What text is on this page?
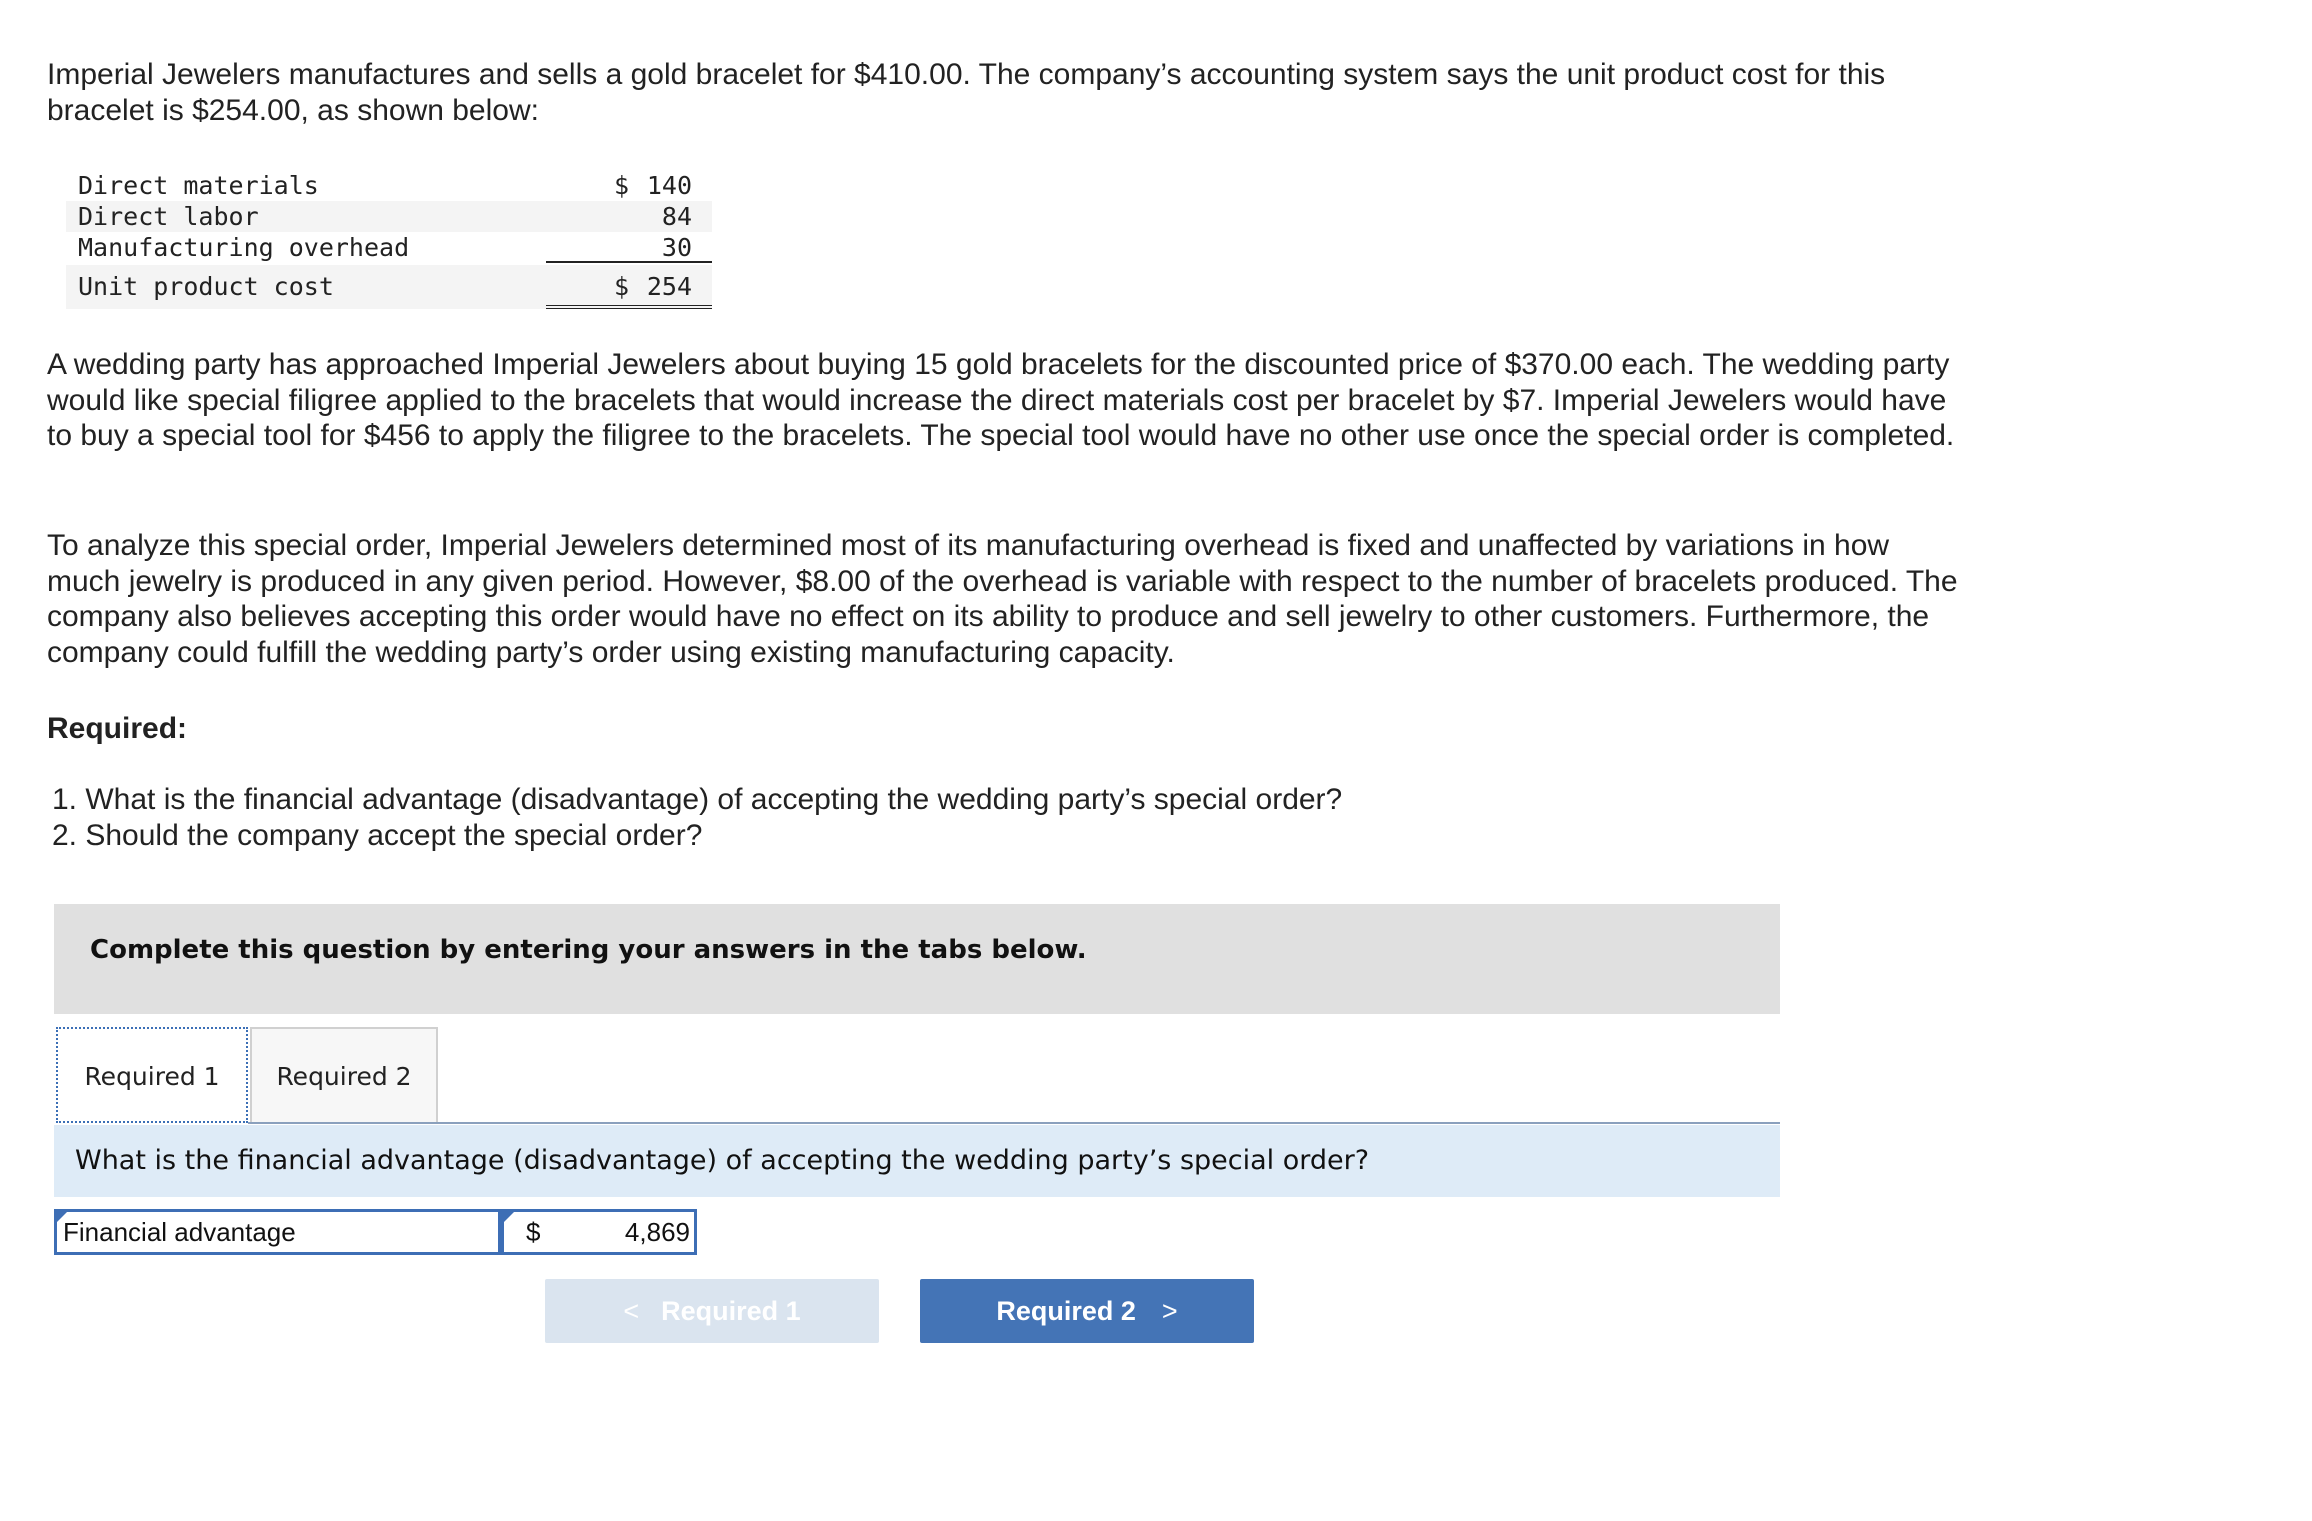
Imperial Jewelers manufactures and sells a gold bracelet for $410.00. The company’s accounting system says the unit product cost for this bracelet is $254.00, as shown below:

Direct materials	$ 140
Direct labor	84
Manufacturing overhead	30
Unit product cost	$ 254

A wedding party has approached Imperial Jewelers about buying 15 gold bracelets for the discounted price of $370.00 each. The wedding party would like special filigree applied to the bracelets that would increase the direct materials cost per bracelet by $7. Imperial Jewelers would have to buy a special tool for $456 to apply the filigree to the bracelets. The special tool would have no other use once the special order is completed.

To analyze this special order, Imperial Jewelers determined most of its manufacturing overhead is fixed and unaffected by variations in how much jewelry is produced in any given period. However, $8.00 of the overhead is variable with respect to the number of bracelets produced. The company also believes accepting this order would have no effect on its ability to produce and sell jewelry to other customers. Furthermore, the company could fulfill the wedding party’s order using existing manufacturing capacity.

Required:

1. What is the financial advantage (disadvantage) of accepting the wedding party’s special order?
2. Should the company accept the special order?
Complete this question by entering your answers in the tabs below.
Required 1	Required 2
What is the financial advantage (disadvantage) of accepting the wedding party’s special order?
Financial advantage	$	4,869
< Required 1	Required 2 >
